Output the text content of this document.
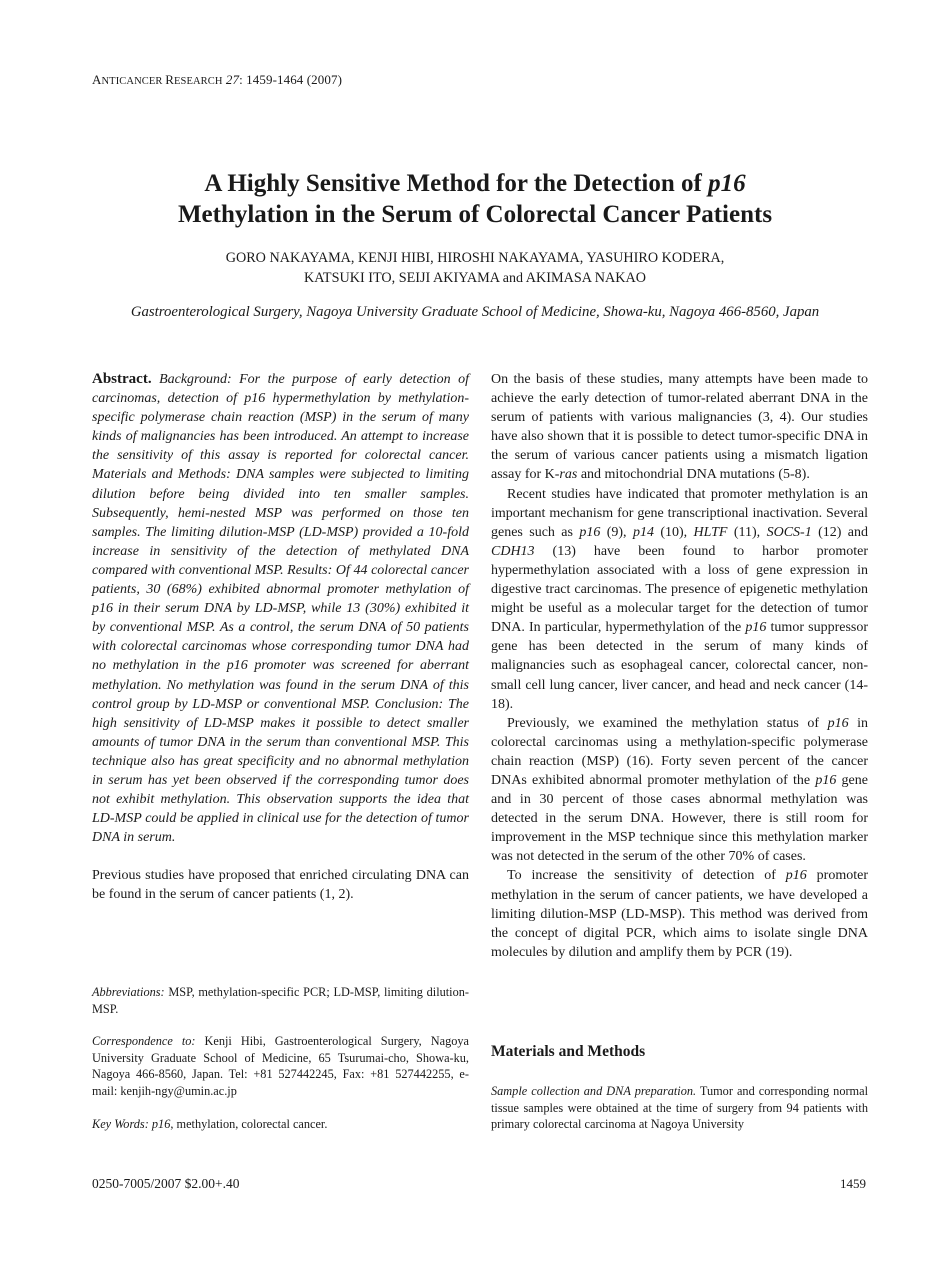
ANTICANCER RESEARCH 27: 1459-1464 (2007)
A Highly Sensitive Method for the Detection of p16
Methylation in the Serum of Colorectal Cancer Patients
GORO NAKAYAMA, KENJI HIBI, HIROSHI NAKAYAMA, YASUHIRO KODERA,
KATSUKI ITO, SEIJI AKIYAMA and AKIMASA NAKAO
Gastroenterological Surgery, Nagoya University Graduate School of Medicine, Showa-ku, Nagoya 466-8560, Japan

Abstract. Background: For the purpose of early detection of carcinomas, detection of p16 hypermethylation by methylation-specific polymerase chain reaction (MSP) in the serum of many kinds of malignancies has been introduced. An attempt to increase the sensitivity of this assay is reported for colorectal cancer. Materials and Methods: DNA samples were subjected to limiting dilution before being divided into ten smaller samples. Subsequently, hemi-nested MSP was performed on those ten samples. The limiting dilution-MSP (LD-MSP) provided a 10-fold increase in sensitivity of the detection of methylated DNA compared with conventional MSP. Results: Of 44 colorectal cancer patients, 30 (68%) exhibited abnormal promoter methylation of p16 in their serum DNA by LD-MSP, while 13 (30%) exhibited it by conventional MSP. As a control, the serum DNA of 50 patients with colorectal carcinomas whose corresponding tumor DNA had no methylation in the p16 promoter was screened for aberrant methylation. No methylation was found in the serum DNA of this control group by LD-MSP or conventional MSP. Conclusion: The high sensitivity of LD-MSP makes it possible to detect smaller amounts of tumor DNA in the serum than conventional MSP. This technique also has great specificity and no abnormal methylation in serum has yet been observed if the corresponding tumor does not exhibit methylation. This observation supports the idea that LD-MSP could be applied in clinical use for the detection of tumor DNA in serum.

Previous studies have proposed that enriched circulating DNA can be found in the serum of cancer patients (1, 2).

Abbreviations: MSP, methylation-specific PCR; LD-MSP, limiting dilution-MSP.
Correspondence to: Kenji Hibi, Gastroenterological Surgery, Nagoya University Graduate School of Medicine, 65 Tsurumai-cho, Showa-ku, Nagoya 466-8560, Japan. Tel: +81 527442245, Fax: +81 527442255, e-mail: kenjih-ngy@umin.ac.jp
Key Words: p16, methylation, colorectal cancer.

On the basis of these studies, many attempts have been made to achieve the early detection of tumor-related aberrant DNA in the serum of patients with various malignancies (3, 4). Our studies have also shown that it is possible to detect tumor-specific DNA in the serum of various cancer patients using a mismatch ligation assay for K-ras and mitochondrial DNA mutations (5-8).

Recent studies have indicated that promoter methylation is an important mechanism for gene transcriptional inactivation. Several genes such as p16 (9), p14 (10), HLTF (11), SOCS-1 (12) and CDH13 (13) have been found to harbor promoter hypermethylation associated with a loss of gene expression in digestive tract carcinomas. The presence of epigenetic methylation might be useful as a molecular target for the detection of tumor DNA. In particular, hypermethylation of the p16 tumor suppressor gene has been detected in the serum of many kinds of malignancies such as esophageal cancer, colorectal cancer, non-small cell lung cancer, liver cancer, and head and neck cancer (14-18).

Previously, we examined the methylation status of p16 in colorectal carcinomas using a methylation-specific polymerase chain reaction (MSP) (16). Forty seven percent of the cancer DNAs exhibited abnormal promoter methylation of the p16 gene and in 30 percent of those cases abnormal methylation was detected in the serum DNA. However, there is still room for improvement in the MSP technique since this methylation marker was not detected in the serum of the other 70% of cases.

To increase the sensitivity of detection of p16 promoter methylation in the serum of cancer patients, we have developed a limiting dilution-MSP (LD-MSP). This method was derived from the concept of digital PCR, which aims to isolate single DNA molecules by dilution and amplify them by PCR (19).

Materials and Methods
Sample collection and DNA preparation. Tumor and corresponding normal tissue samples were obtained at the time of surgery from 94 patients with primary colorectal carcinoma at Nagoya University
0250-7005/2007 $2.00+.40	1459
